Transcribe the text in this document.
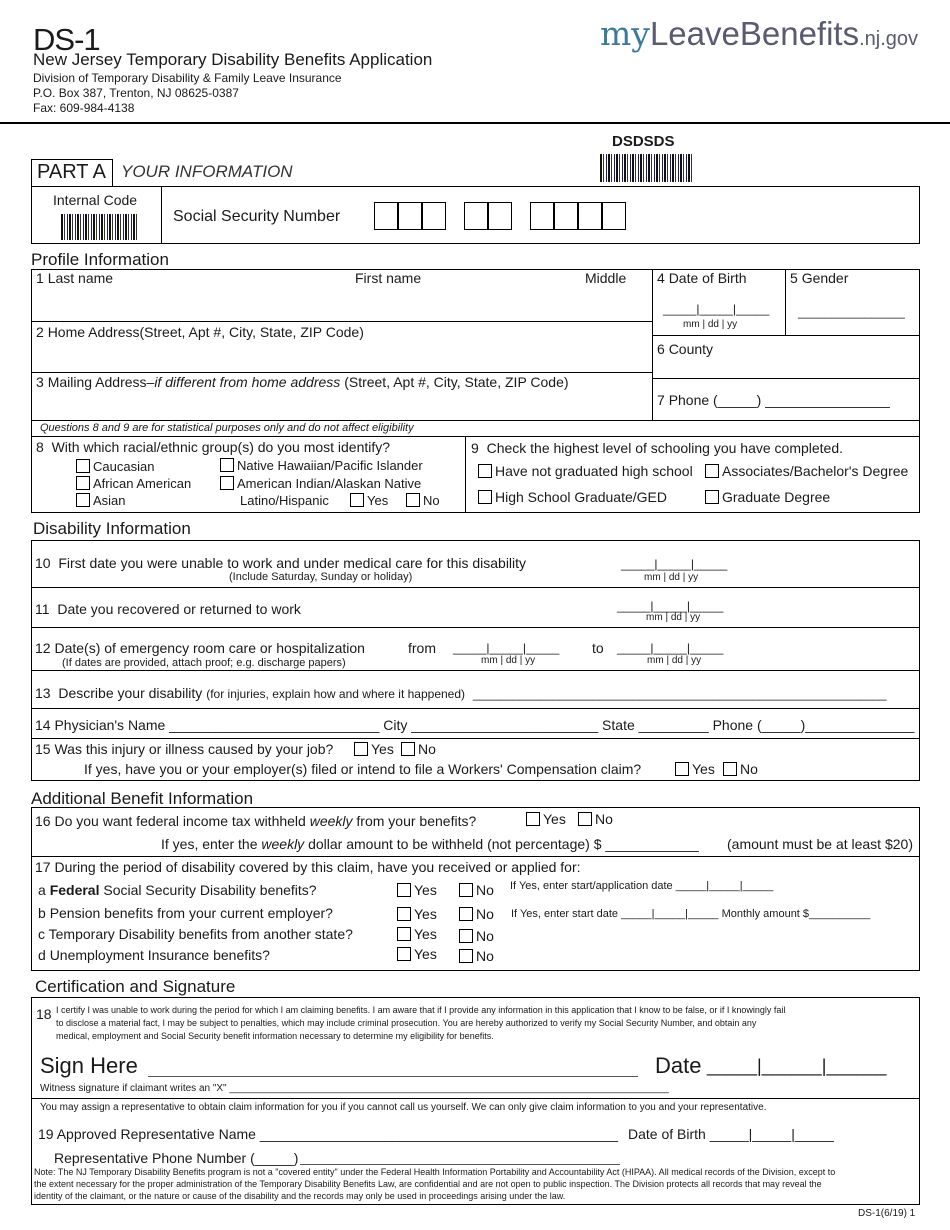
DS-1
New Jersey Temporary Disability Benefits Application
Division of Temporary Disability & Family Leave Insurance
P.O. Box 387, Trenton, NJ 08625-0387
Fax: 609-984-4138
myLeaveBenefits.nj.gov
DSDSDS
PART A YOUR INFORMATION
Internal Code
Social Security Number
Profile Information
1 Last name	First name	Middle 4 Date of Birth
_____|_____|_____
mm | dd | yy
5 Gender
________________
2 Home Address(Street, Apt #, City, State, ZIP Code)
6 County
3 Mailing Address–if different from home address (Street, Apt #, City, State, ZIP Code)
7 Phone (_____) ________________
Questions 8 and 9 are for statistical purposes only and do not affect eligibility
8 With which racial/ethnic group(s) do you most identify?
Caucasian
African American
Asian
Native Hawaiian/Pacific Islander
American Indian/Alaskan Native
Latino/Hispanic	Yes	No
9 Check the highest level of schooling you have completed.
Have not graduated high school
High School Graduate/GED
Associates/Bachelor's Degree
Graduate Degree
Disability Information
10 First date you were unable to work and under medical care for this disability
(Include Saturday, Sunday or holiday)
_____|_____|_____
mm | dd | yy
11 Date you recovered or returned to work	_____|_____|_____
mm | dd | yy
12 Date(s) of emergency room care or hospitalization	from _____|_____|_____
mm | dd | yy
to _____|_____|_____
mm | dd | yy
(If dates are provided, attach proof; e.g. discharge papers)
13 Describe your disability (for injuries, explain how and where it happened) ______________________________________________________________
14 Physician's Name ___________________________ City ________________________ State _________ Phone (_____)______________
15 Was this injury or illness caused by your job?	Yes	No
If yes, have you or your employer(s) filed or intend to file a Workers' Compensation claim?	Yes	No
Additional Benefit Information
16 Do you want federal income tax withheld weekly from your benefits?	Yes	No
If yes, enter the weekly dollar amount to be withheld (not percentage) $ ____________ (amount must be at least $20)
17 During the period of disability covered by this claim, have you received or applied for:
a Federal Social Security Disability benefits?	Yes	No If Yes, enter start/application date _____|_____|_____
b Pension benefits from your current employer?	Yes	No If Yes, enter start date _____|_____|_____ Monthly amount $__________
c Temporary Disability benefits from another state?	Yes	No
d Unemployment Insurance benefits?	Yes	No
Certification and Signature
18 I certify I was unable to work during the period for which I am claiming benefits. I am aware that if I provide any information in this application that I know to be false, or if I knowingly fail
to disclose a material fact, I may be subject to penalties, which may include criminal prosecution. You are hereby authorized to verify my Social Security Number, and obtain any
medical, employment and Social Security benefit information necessary to determine my eligibility for benefits.
Sign Here	Date _____|______|______
Witness signature if claimant writes an "X" _______________________________________________________________________________
You may assign a representative to obtain claim information for you if you cannot call us yourself. We can only give claim information to you and your representative.
19 Approved Representative Name ______________________________________________ Date of Birth _____|_____|_____
Representative Phone Number (_____)
Note: The NJ Temporary Disability Benefits program is not a "covered entity" under the Federal Health Information Portability and Accountability Act (HIPAA). All medical records of the Division, except to
the extent necessary for the proper administration of the Temporary Disability Benefits Law, are confidential and are not open to public inspection. The Division protects all records that may reveal the
identity of the claimant, or the nature or cause of the disability and the records may only be used in proceedings arising under the law.
DS-1(6/19) 1
